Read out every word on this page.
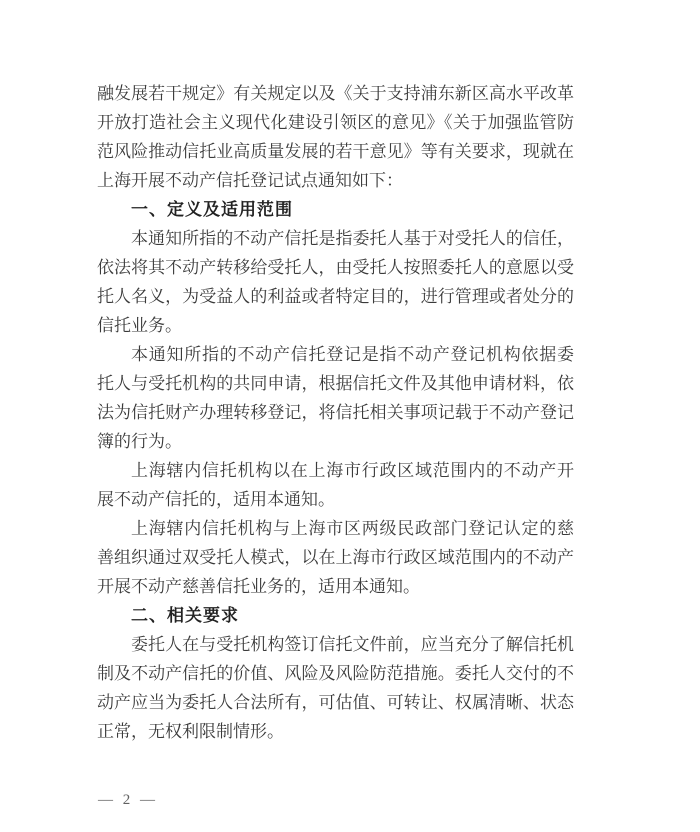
融发展若干规定》有关规定以及《关于支持浦东新区高水平改革

开放打造社会主义现代化建设引领区的意见》《关于加强监管防

范风险推动信托业高质量发展的若干意见》等有关要求，现就在

上海开展不动产信托登记试点通知如下：

一、定义及适用范围

本通知所指的不动产信托是指委托人基于对受托人的信任，

依法将其不动产转移给受托人，由受托人按照委托人的意愿以受

托人名义，为受益人的利益或者特定目的，进行管理或者处分的

信托业务。

本通知所指的不动产信托登记是指不动产登记机构依据委

托人与受托机构的共同申请，根据信托文件及其他申请材料，依

法为信托财产办理转移登记，将信托相关事项记载于不动产登记

簿的行为。

上海辖内信托机构以在上海市行政区域范围内的不动产开

展不动产信托的，适用本通知。

上海辖内信托机构与上海市区两级民政部门登记认定的慈

善组织通过双受托人模式，以在上海市行政区域范围内的不动产

开展不动产慈善信托业务的，适用本通知。

二、相关要求

委托人在与受托机构签订信托文件前，应当充分了解信托机

制及不动产信托的价值、风险及风险防范措施。委托人交付的不

动产应当为委托人合法所有，可估值、可转让、权属清晰、状态

正常，无权利限制情形。

— 2 —
